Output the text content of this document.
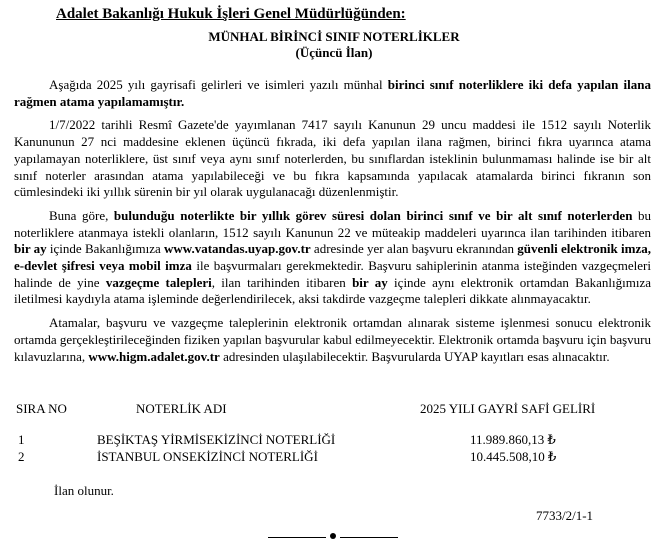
Adalet Bakanlığı Hukuk İşleri Genel Müdürlüğünden:
MÜNHAL BİRİNCİ SINIF NOTERLİKLER
(Üçüncü İlan)

Aşağıda 2025 yılı gayrisafi gelirleri ve isimleri yazılı münhal birinci sınıf noterliklere iki defa yapılan ilana rağmen atama yapılamamıştır.

1/7/2022 tarihli Resmî Gazete'de yayımlanan 7417 sayılı Kanunun 29 uncu maddesi ile 1512 sayılı Noterlik Kanununun 27 nci maddesine eklenen üçüncü fıkrada, iki defa yapılan ilana rağmen, birinci fıkra uyarınca atama yapılamayan noterliklere, üst sınıf veya aynı sınıf noterlerden, bu sınıflardan isteklinin bulunmaması halinde ise bir alt sınıf noterler arasından atama yapılabileceği ve bu fıkra kapsamında yapılacak atamalarda birinci fıkranın son cümlesindeki iki yıllık sürenin bir yıl olarak uygulanacağı düzenlenmiştir.

Buna göre, bulunduğu noterlikte bir yıllık görev süresi dolan birinci sınıf ve bir alt sınıf noterlerden bu noterliklere atanmaya istekli olanların, 1512 sayılı Kanunun 22 ve müteakip maddeleri uyarınca ilan tarihinden itibaren bir ay içinde Bakanlığımıza www.vatandas.uyap.gov.tr adresinde yer alan başvuru ekranından güvenli elektronik imza, e-devlet şifresi veya mobil imza ile başvurmaları gerekmektedir. Başvuru sahiplerinin atanma isteğinden vazgeçmeleri halinde de yine vazgeçme talepleri, ilan tarihinden itibaren bir ay içinde aynı elektronik ortamdan Bakanlığımıza iletilmesi kaydıyla atama işleminde değerlendirilecek, aksi takdirde vazgeçme talepleri dikkate alınmayacaktır.

Atamalar, başvuru ve vazgeçme taleplerinin elektronik ortamdan alınarak sisteme işlenmesi sonucu elektronik ortamda gerçekleştirileceğinden fiziken yapılan başvurular kabul edilmeyecektir. Elektronik ortamda başvuru için başvuru kılavuzlarına, www.higm.adalet.gov.tr adresinden ulaşılabilecektir. Başvurularda UYAP kayıtları esas alınacaktır.

SIRA NO	NOTERLİK ADI	2025 YILI GAYRİ SAFİ GELİRİ
1	BEŞİKTAŞ YİRMİSEKİZİNCİ NOTERLİĞİ	11.989.860,13 ₺
2	İSTANBUL ONSEKİZİNCİ NOTERLİĞİ	10.445.508,10 ₺
İlan olunur.
7733/2/1-1
